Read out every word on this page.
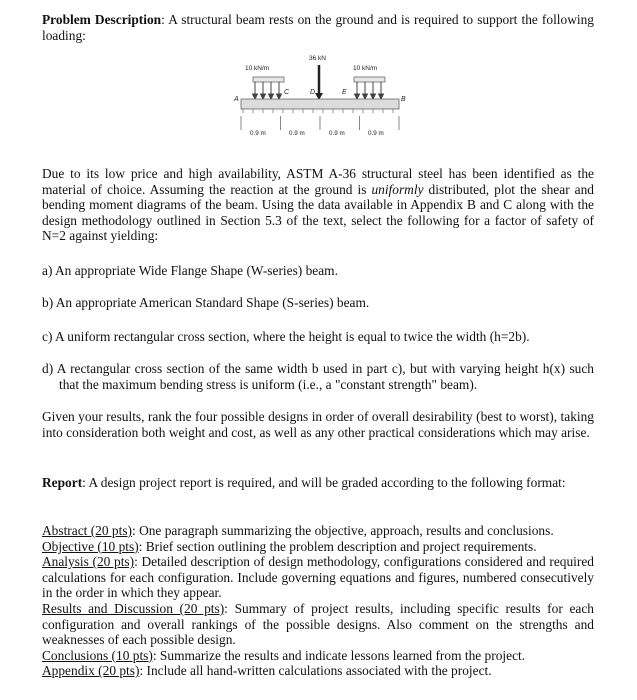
Problem Description: A structural beam rests on the ground and is required to support the following loading:

10 kN/m
36 kN
10 kN/m
A	B
C	D	E
0.9 m	0.9 m	0.9 m	0.9 m

Due to its low price and high availability, ASTM A-36 structural steel has been identified as the material of choice. Assuming the reaction at the ground is uniformly distributed, plot the shear and bending moment diagrams of the beam. Using the data available in Appendix B and C along with the design methodology outlined in Section 5.3 of the text, select the following for a factor of safety of N=2 against yielding:

a) An appropriate Wide Flange Shape (W-series) beam.

b) An appropriate American Standard Shape (S-series) beam.

c) A uniform rectangular cross section, where the height is equal to twice the width (h=2b).

d) A rectangular cross section of the same width b used in part c), but with varying height h(x) such that the maximum bending stress is uniform (i.e., a "constant strength" beam).

Given your results, rank the four possible designs in order of overall desirability (best to worst), taking into consideration both weight and cost, as well as any other practical considerations which may arise.

Report: A design project report is required, and will be graded according to the following format:

Abstract (20 pts): One paragraph summarizing the objective, approach, results and conclusions.

Objective (10 pts): Brief section outlining the problem description and project requirements.

Analysis (20 pts): Detailed description of design methodology, configurations considered and required calculations for each configuration. Include governing equations and figures, numbered consecutively in the order in which they appear.

Results and Discussion (20 pts): Summary of project results, including specific results for each configuration and overall rankings of the possible designs. Also comment on the strengths and weaknesses of each possible design.

Conclusions (10 pts): Summarize the results and indicate lessons learned from the project.

Appendix (20 pts): Include all hand-written calculations associated with the project.
